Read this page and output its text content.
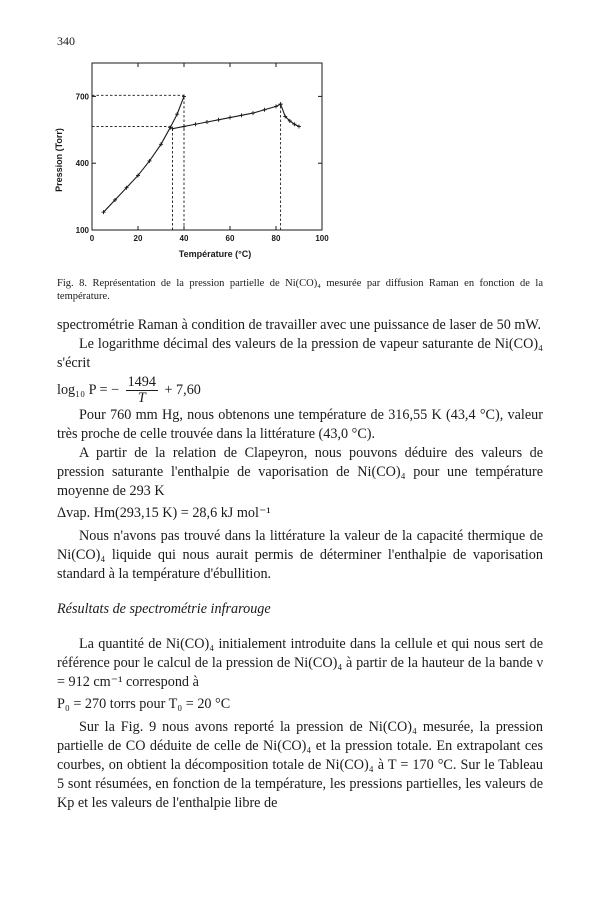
340
0	20	40	60	80	100
100
400
700
Température (°C)
Pression (Torr)
Fig. 8. Représentation de la pression partielle de Ni(CO)₄ mesurée par diffusion Raman en fonction de la température.

spectrométrie Raman à condition de travailler avec une puissance de laser de 50 mW.

Le logarithme décimal des valeurs de la pression de vapeur saturante de Ni(CO)₄ s'écrit

log₁₀ P = − $\frac{1494}{T} + 7,60$

Pour 760 mm Hg, nous obtenons une température de 316,55 K (43,4 °C), valeur très proche de celle trouvée dans la littérature (43,0 °C).

A partir de la relation de Clapeyron, nous pouvons déduire des valeurs de pression saturante l'enthalpie de vaporisation de Ni(CO)₄ pour une température moyenne de 293 K

Δvap. Hm(293,15 K) = 28,6 kJ mol⁻¹

Nous n'avons pas trouvé dans la littérature la valeur de la capacité thermique de Ni(CO)₄ liquide qui nous aurait permis de déterminer l'enthalpie de vaporisation standard à la température d'ébullition.

Résultats de spectrométrie infrarouge

La quantité de Ni(CO)₄ initialement introduite dans la cellule et qui nous sert de référence pour le calcul de la pression de Ni(CO)₄ à partir de la hauteur de la bande ν = 912 cm⁻¹ correspond à

P₀ = 270 torrs pour T₀ = 20 °C

Sur la Fig. 9 nous avons reporté la pression de Ni(CO)₄ mesurée, la pression partielle de CO déduite de celle de Ni(CO)₄ et la pression totale. En extrapolant ces courbes, on obtient la décomposition totale de Ni(CO)₄ à T = 170 °C. Sur le Tableau 5 sont résumées, en fonction de la température, les pressions partielles, les valeurs de Kp et les valeurs de l'enthalpie libre de
